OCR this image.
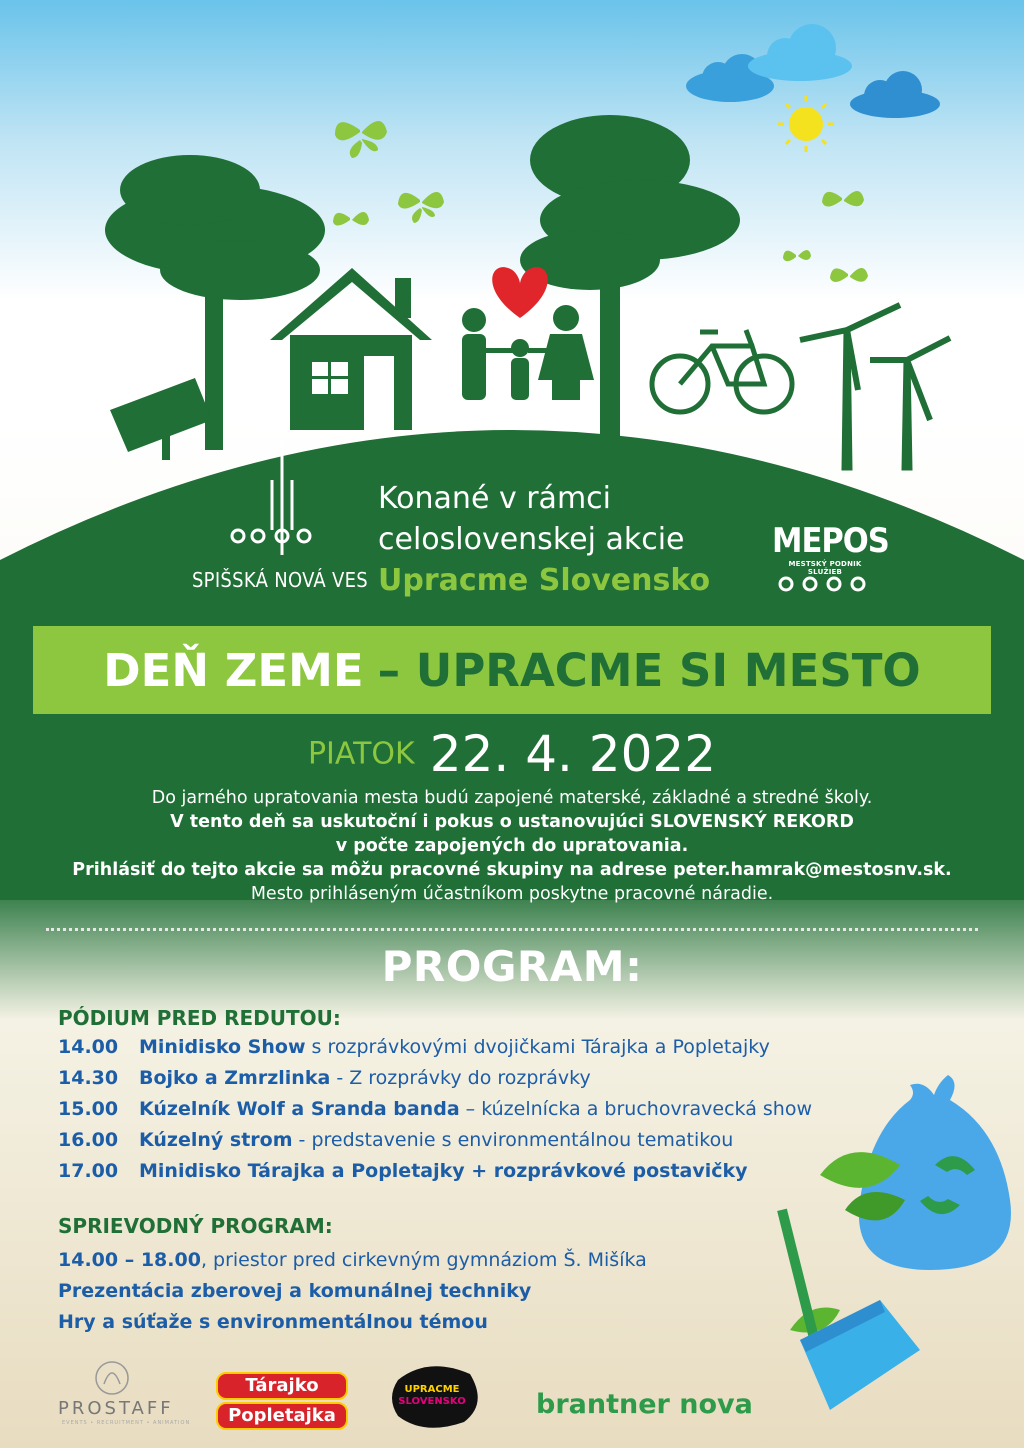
SPIŠSKÁ NOVÁ VES
Konané v rámci
celoslovenskej akcie
Upracme Slovensko
MEPOS
MESTSKÝ PODNIK SLUŽIEB
DEŇ ZEME – UPRACME SI MESTO
PIATOK 22. 4. 2022
Do jarného upratovania mesta budú zapojené materské, základné a stredné školy.
V tento deň sa uskutoční i pokus o ustanovujúci SLOVENSKÝ REKORD
v počte zapojených do upratovania.
Prihlásiť do tejto akcie sa môžu pracovné skupiny na adrese peter.hamrak@mestosnv.sk.
Mesto prihláseným účastníkom poskytne pracovné náradie.
PROGRAM:
PÓDIUM PRED REDUTOU:
14.00 Minidisko Show s rozprávkovými dvojičkami Tárajka a Popletajky
14.30 Bojko a Zmrzlinka - Z rozprávky do rozprávky
15.00 Kúzelník Wolf a Sranda banda – kúzelnícka a bruchovravecká show
16.00 Kúzelný strom - predstavenie s environmentálnou tematikou
17.00 Minidisko Tárajka a Popletajky + rozprávkové postavičky
SPRIEVODNÝ PROGRAM:
14.00 – 18.00, priestor pred cirkevným gymnáziom Š. Mišíka
Prezentácia zberovej a komunálnej techniky
Hry a súťaže s environmentálnou témou
PROSTAFF
EVENTS • RECRUITMENT • ANIMATION
Tárajko
Popletajka
UPRACME
SLOVENSKO	brantner nova
